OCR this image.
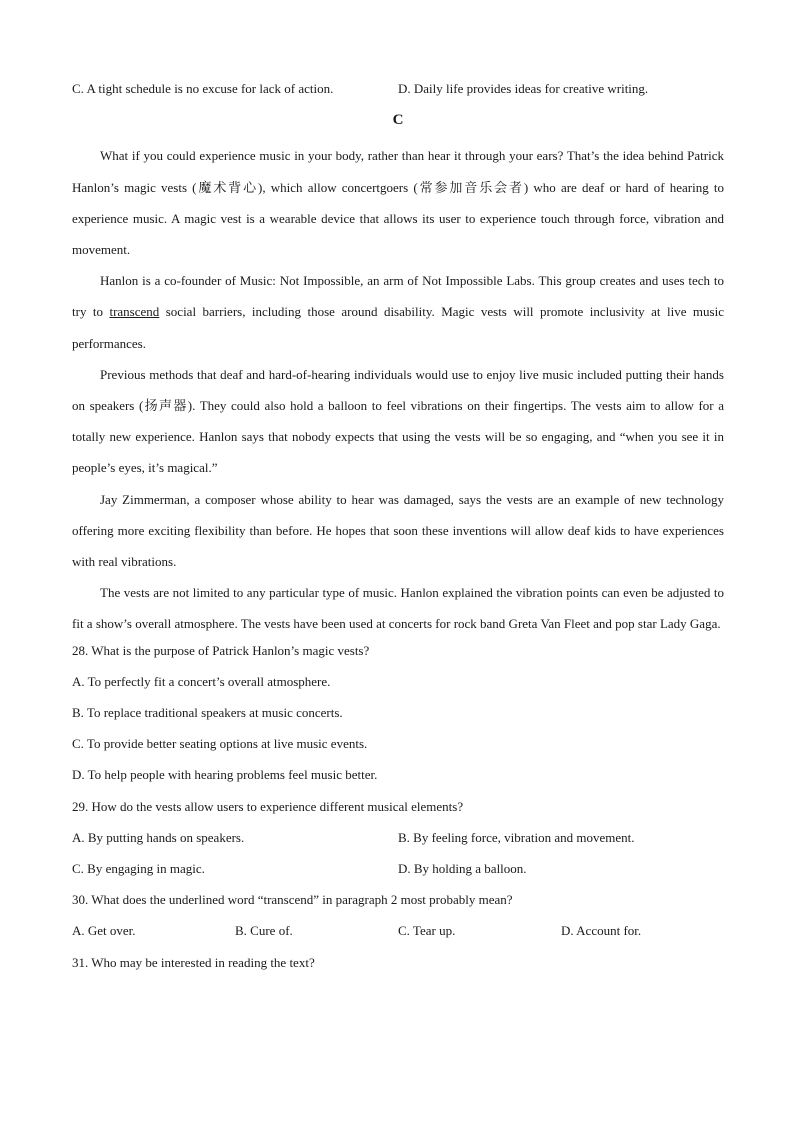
C. A tight schedule is no excuse for lack of action.	D. Daily life provides ideas for creative writing.
C

What if you could experience music in your body, rather than hear it through your ears? That’s the idea behind Patrick Hanlon’s magic vests (魔术背心), which allow concertgoers (常参加音乐会者) who are deaf or hard of hearing to experience music. A magic vest is a wearable device that allows its user to experience touch through force, vibration and movement.

Hanlon is a co-founder of Music: Not Impossible, an arm of Not Impossible Labs. This group creates and uses tech to try to transcend social barriers, including those around disability. Magic vests will promote inclusivity at live music performances.

Previous methods that deaf and hard-of-hearing individuals would use to enjoy live music included putting their hands on speakers (扬声器). They could also hold a balloon to feel vibrations on their fingertips. The vests aim to allow for a totally new experience. Hanlon says that nobody expects that using the vests will be so engaging, and “when you see it in people’s eyes, it’s magical.”

Jay Zimmerman, a composer whose ability to hear was damaged, says the vests are an example of new technology offering more exciting flexibility than before. He hopes that soon these inventions will allow deaf kids to have experiences with real vibrations.

The vests are not limited to any particular type of music. Hanlon explained the vibration points can even be adjusted to fit a show’s overall atmosphere. The vests have been used at concerts for rock band Greta Van Fleet and pop star Lady Gaga.

28. What is the purpose of Patrick Hanlon’s magic vests?
A. To perfectly fit a concert’s overall atmosphere.
B. To replace traditional speakers at music concerts.
C. To provide better seating options at live music events.
D. To help people with hearing problems feel music better.
29. How do the vests allow users to experience different musical elements?
A. By putting hands on speakers.	B. By feeling force, vibration and movement.
C. By engaging in magic.	D. By holding a balloon.
30. What does the underlined word “transcend” in paragraph 2 most probably mean?
A. Get over.	B. Cure of.	C. Tear up.	D. Account for.
31. Who may be interested in reading the text?
